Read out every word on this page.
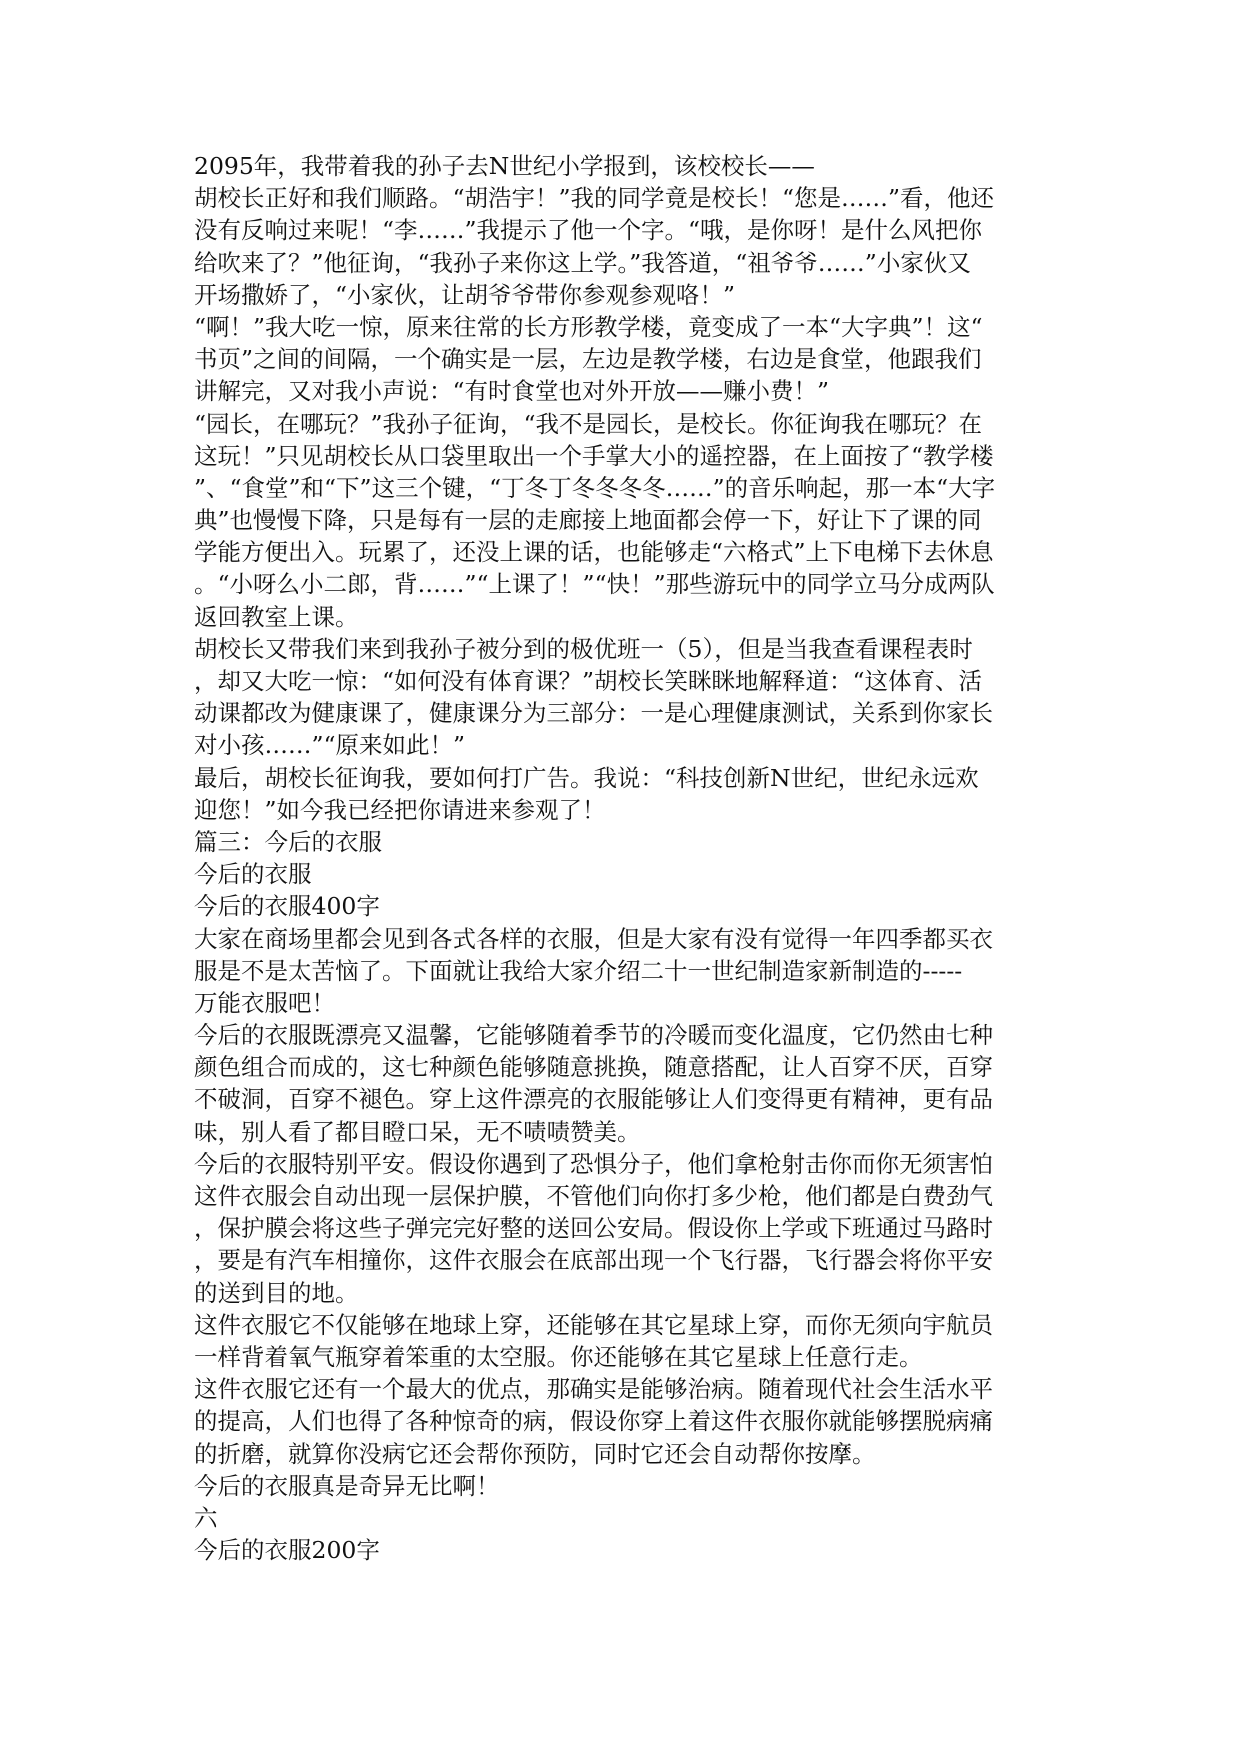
2095年，我带着我的孙子去N世纪小学报到，该校校长——

胡校长正好和我们顺路。“胡浩宇！”我的同学竟是校长！“您是……”看，他还

没有反响过来呢！“李……”我提示了他一个字。“哦，是你呀！是什么风把你

给吹来了？”他征询，“我孙子来你这上学。”我答道，“祖爷爷……”小家伙又

开场撒娇了，“小家伙，让胡爷爷带你参观参观咯！”

“啊！”我大吃一惊，原来往常的长方形教学楼，竟变成了一本“大字典”！这“

书页”之间的间隔，一个确实是一层，左边是教学楼，右边是食堂，他跟我们

讲解完，又对我小声说：“有时食堂也对外开放——赚小费！”

“园长，在哪玩？”我孙子征询，“我不是园长，是校长。你征询我在哪玩？在

这玩！”只见胡校长从口袋里取出一个手掌大小的遥控器，在上面按了“教学楼

”、“食堂”和“下”这三个键，“丁冬丁冬冬冬冬……”的音乐响起，那一本“大字

典”也慢慢下降，只是每有一层的走廊接上地面都会停一下，好让下了课的同

学能方便出入。玩累了，还没上课的话，也能够走“六格式”上下电梯下去休息

。“小呀么小二郎，背……”“上课了！”“快！”那些游玩中的同学立马分成两队

返回教室上课。

胡校长又带我们来到我孙子被分到的极优班一（5），但是当我查看课程表时

，却又大吃一惊：“如何没有体育课？”胡校长笑眯眯地解释道：“这体育、活

动课都改为健康课了，健康课分为三部分：一是心理健康测试，关系到你家长

对小孩……”“原来如此！”

最后，胡校长征询我，要如何打广告。我说：“科技创新N世纪，世纪永远欢

迎您！”如今我已经把你请进来参观了！

篇三：今后的衣服

今后的衣服

今后的衣服400字

大家在商场里都会见到各式各样的衣服，但是大家有没有觉得一年四季都买衣

服是不是太苦恼了。下面就让我给大家介绍二十一世纪制造家新制造的-----

万能衣服吧！

今后的衣服既漂亮又温馨，它能够随着季节的冷暖而变化温度，它仍然由七种

颜色组合而成的，这七种颜色能够随意挑换，随意搭配，让人百穿不厌，百穿

不破洞，百穿不褪色。穿上这件漂亮的衣服能够让人们变得更有精神，更有品

味，别人看了都目瞪口呆，无不啧啧赞美。

今后的衣服特别平安。假设你遇到了恐惧分子，他们拿枪射击你而你无须害怕

这件衣服会自动出现一层保护膜，不管他们向你打多少枪，他们都是白费劲气

，保护膜会将这些子弹完完好整的送回公安局。假设你上学或下班通过马路时

，要是有汽车相撞你，这件衣服会在底部出现一个飞行器，飞行器会将你平安

的送到目的地。

这件衣服它不仅能够在地球上穿，还能够在其它星球上穿，而你无须向宇航员

一样背着氧气瓶穿着笨重的太空服。你还能够在其它星球上任意行走。

这件衣服它还有一个最大的优点，那确实是能够治病。随着现代社会生活水平

的提高，人们也得了各种惊奇的病，假设你穿上着这件衣服你就能够摆脱病痛

的折磨，就算你没病它还会帮你预防，同时它还会自动帮你按摩。

今后的衣服真是奇异无比啊！

六

今后的衣服200字
